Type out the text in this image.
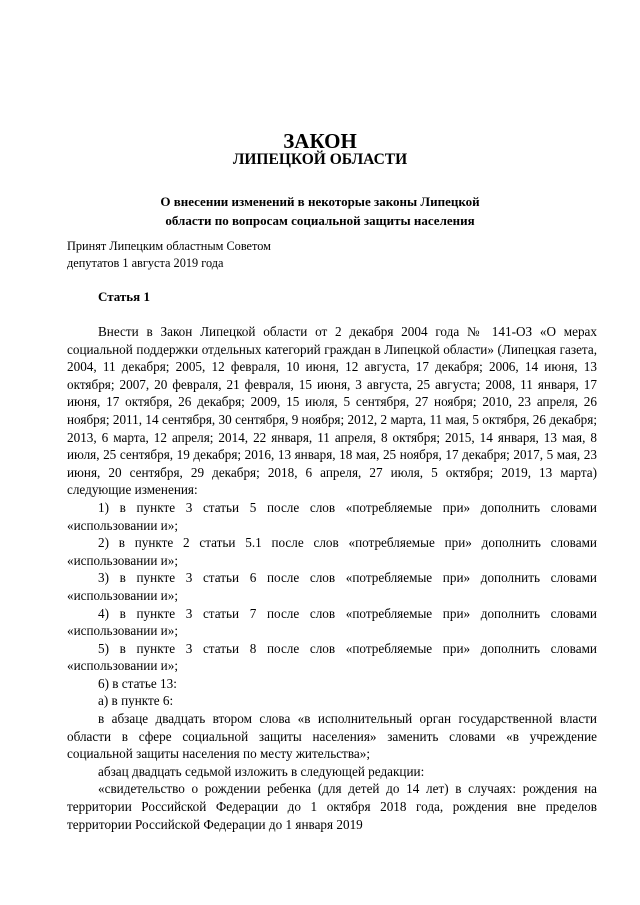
ЗАКОН
ЛИПЕЦКОЙ ОБЛАСТИ
О внесении изменений в некоторые законы Липецкой
области по вопросам социальной защиты населения
Принят Липецким областным Советом
депутатов 1 августа 2019 года
Статья 1

Внести в Закон Липецкой области от 2 декабря 2004 года № 141-ОЗ «О мерах социальной поддержки отдельных категорий граждан в Липецкой области» (Липецкая газета, 2004, 11 декабря; 2005, 12 февраля, 10 июня, 12 августа, 17 декабря; 2006, 14 июня, 13 октября; 2007, 20 февраля, 21 февраля, 15 июня, 3 августа, 25 августа; 2008, 11 января, 17 июня, 17 октября, 26 декабря; 2009, 15 июля, 5 сентября, 27 ноября; 2010, 23 апреля, 26 ноября; 2011, 14 сентября, 30 сентября, 9 ноября; 2012, 2 марта, 11 мая, 5 октября, 26 декабря; 2013, 6 марта, 12 апреля; 2014, 22 января, 11 апреля, 8 октября; 2015, 14 января, 13 мая, 8 июля, 25 сентября, 19 декабря; 2016, 13 января, 18 мая, 25 ноября, 17 декабря; 2017, 5 мая, 23 июня, 20 сентября, 29 декабря; 2018, 6 апреля, 27 июля, 5 октября; 2019, 13 марта) следующие изменения:

1) в пункте 3 статьи 5 после слов «потребляемые при» дополнить словами «использовании и»;

2) в пункте 2 статьи 5.1 после слов «потребляемые при» дополнить словами «использовании и»;

3) в пункте 3 статьи 6 после слов «потребляемые при» дополнить словами «использовании и»;

4) в пункте 3 статьи 7 после слов «потребляемые при» дополнить словами «использовании и»;

5) в пункте 3 статьи 8 после слов «потребляемые при» дополнить словами «использовании и»;

6) в статье 13:

а) в пункте 6:

в абзаце двадцать втором слова «в исполнительный орган государственной власти области в сфере социальной защиты населения» заменить словами «в учреждение социальной защиты населения по месту жительства»;

абзац двадцать седьмой изложить в следующей редакции:

«свидетельство о рождении ребенка (для детей до 14 лет) в случаях: рождения на территории Российской Федерации до 1 октября 2018 года, рождения вне пределов территории Российской Федерации до 1 января 2019
